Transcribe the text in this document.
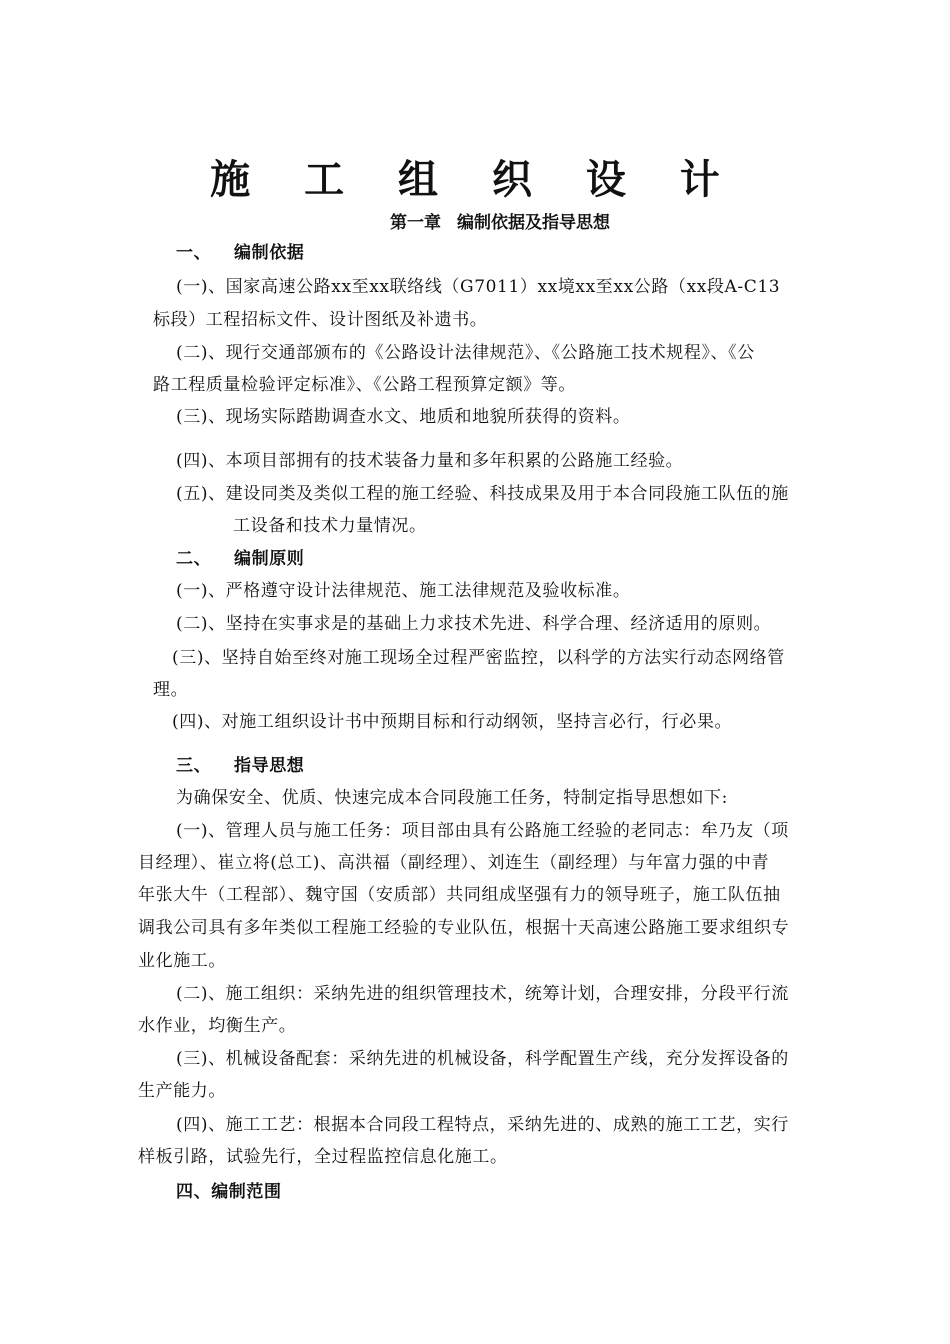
施 工 组 织 设 计
第一章 编制依据及指导思想
一、 编制依据
(一)、国家高速公路xx至xx联络线（G7011）xx境xx至xx公路（xx段A-C13
标段）工程招标文件、设计图纸及补遗书。
(二)、现行交通部颁布的《公路设计法律规范》、《公路施工技术规程》、《公
路工程质量检验评定标准》、《公路工程预算定额》等。
(三)、现场实际踏勘调查水文、地质和地貌所获得的资料。
(四)、本项目部拥有的技术装备力量和多年积累的公路施工经验。
(五)、建设同类及类似工程的施工经验、科技成果及用于本合同段施工队伍的施
工设备和技术力量情况。
二、 编制原则
(一)、严格遵守设计法律规范、施工法律规范及验收标准。
(二)、坚持在实事求是的基础上力求技术先进、科学合理、经济适用的原则。
(三)、坚持自始至终对施工现场全过程严密监控，以科学的方法实行动态网络管
理。
(四)、对施工组织设计书中预期目标和行动纲领，坚持言必行，行必果。
三、 指导思想
为确保安全、优质、快速完成本合同段施工任务，特制定指导思想如下:
(一)、管理人员与施工任务：项目部由具有公路施工经验的老同志：牟乃友（项
目经理）、崔立将(总工)、高洪福（副经理）、刘连生（副经理）与年富力强的中青
年张大牛（工程部）、魏守国（安质部）共同组成坚强有力的领导班子，施工队伍抽
调我公司具有多年类似工程施工经验的专业队伍，根据十天高速公路施工要求组织专
业化施工。
(二)、施工组织：采纳先进的组织管理技术，统筹计划，合理安排，分段平行流
水作业，均衡生产。
(三)、机械设备配套：采纳先进的机械设备，科学配置生产线，充分发挥设备的
生产能力。
(四)、施工工艺：根据本合同段工程特点，采纳先进的、成熟的施工工艺，实行
样板引路，试验先行，全过程监控信息化施工。
四、编制范围
